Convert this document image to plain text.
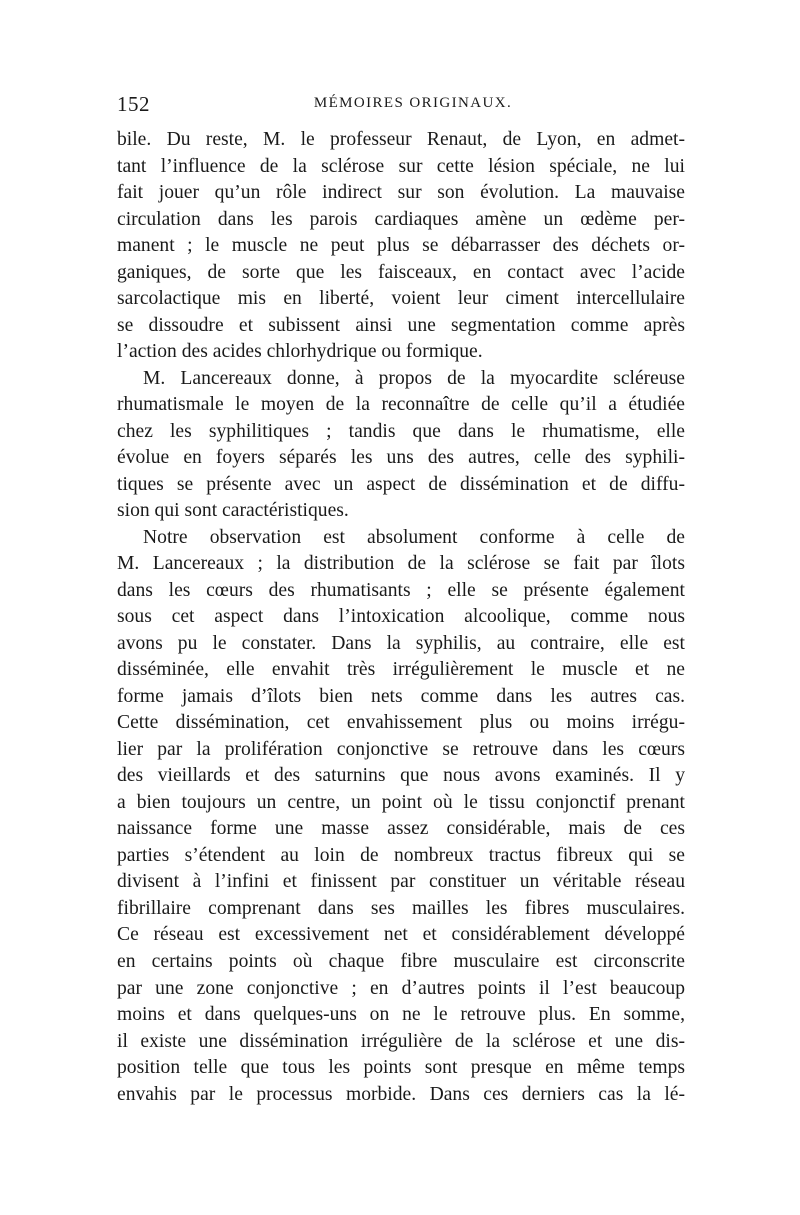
152	MÉMOIRES ORIGINAUX.
bile. Du reste, M. le professeur Renaut, de Lyon, en admet-
tant l’influence de la sclérose sur cette lésion spéciale, ne lui
fait jouer qu’un rôle indirect sur son évolution. La mauvaise
circulation dans les parois cardiaques amène un œdème per-
manent ; le muscle ne peut plus se débarrasser des déchets or-
ganiques, de sorte que les faisceaux, en contact avec l’acide
sarcolactique mis en liberté, voient leur ciment intercellulaire
se dissoudre et subissent ainsi une segmentation comme après
l’action des acides chlorhydrique ou formique.
M. Lancereaux donne, à propos de la myocardite scléreuse
rhumatismale le moyen de la reconnaître de celle qu’il a étudiée
chez les syphilitiques ; tandis que dans le rhumatisme, elle
évolue en foyers séparés les uns des autres, celle des syphili-
tiques se présente avec un aspect de dissémination et de diffu-
sion qui sont caractéristiques.
Notre observation est absolument conforme à celle de
M. Lancereaux ; la distribution de la sclérose se fait par îlots
dans les cœurs des rhumatisants ; elle se présente également
sous cet aspect dans l’intoxication alcoolique, comme nous
avons pu le constater. Dans la syphilis, au contraire, elle est
disséminée, elle envahit très irrégulièrement le muscle et ne
forme jamais d’îlots bien nets comme dans les autres cas.
Cette dissémination, cet envahissement plus ou moins irrégu-
lier par la prolifération conjonctive se retrouve dans les cœurs
des vieillards et des saturnins que nous avons examinés. Il y
a bien toujours un centre, un point où le tissu conjonctif prenant
naissance forme une masse assez considérable, mais de ces
parties s’étendent au loin de nombreux tractus fibreux qui se
divisent à l’infini et finissent par constituer un véritable réseau
fibrillaire comprenant dans ses mailles les fibres musculaires.
Ce réseau est excessivement net et considérablement développé
en certains points où chaque fibre musculaire est circonscrite
par une zone conjonctive ; en d’autres points il l’est beaucoup
moins et dans quelques-uns on ne le retrouve plus. En somme,
il existe une dissémination irrégulière de la sclérose et une dis-
position telle que tous les points sont presque en même temps
envahis par le processus morbide. Dans ces derniers cas la lé-
